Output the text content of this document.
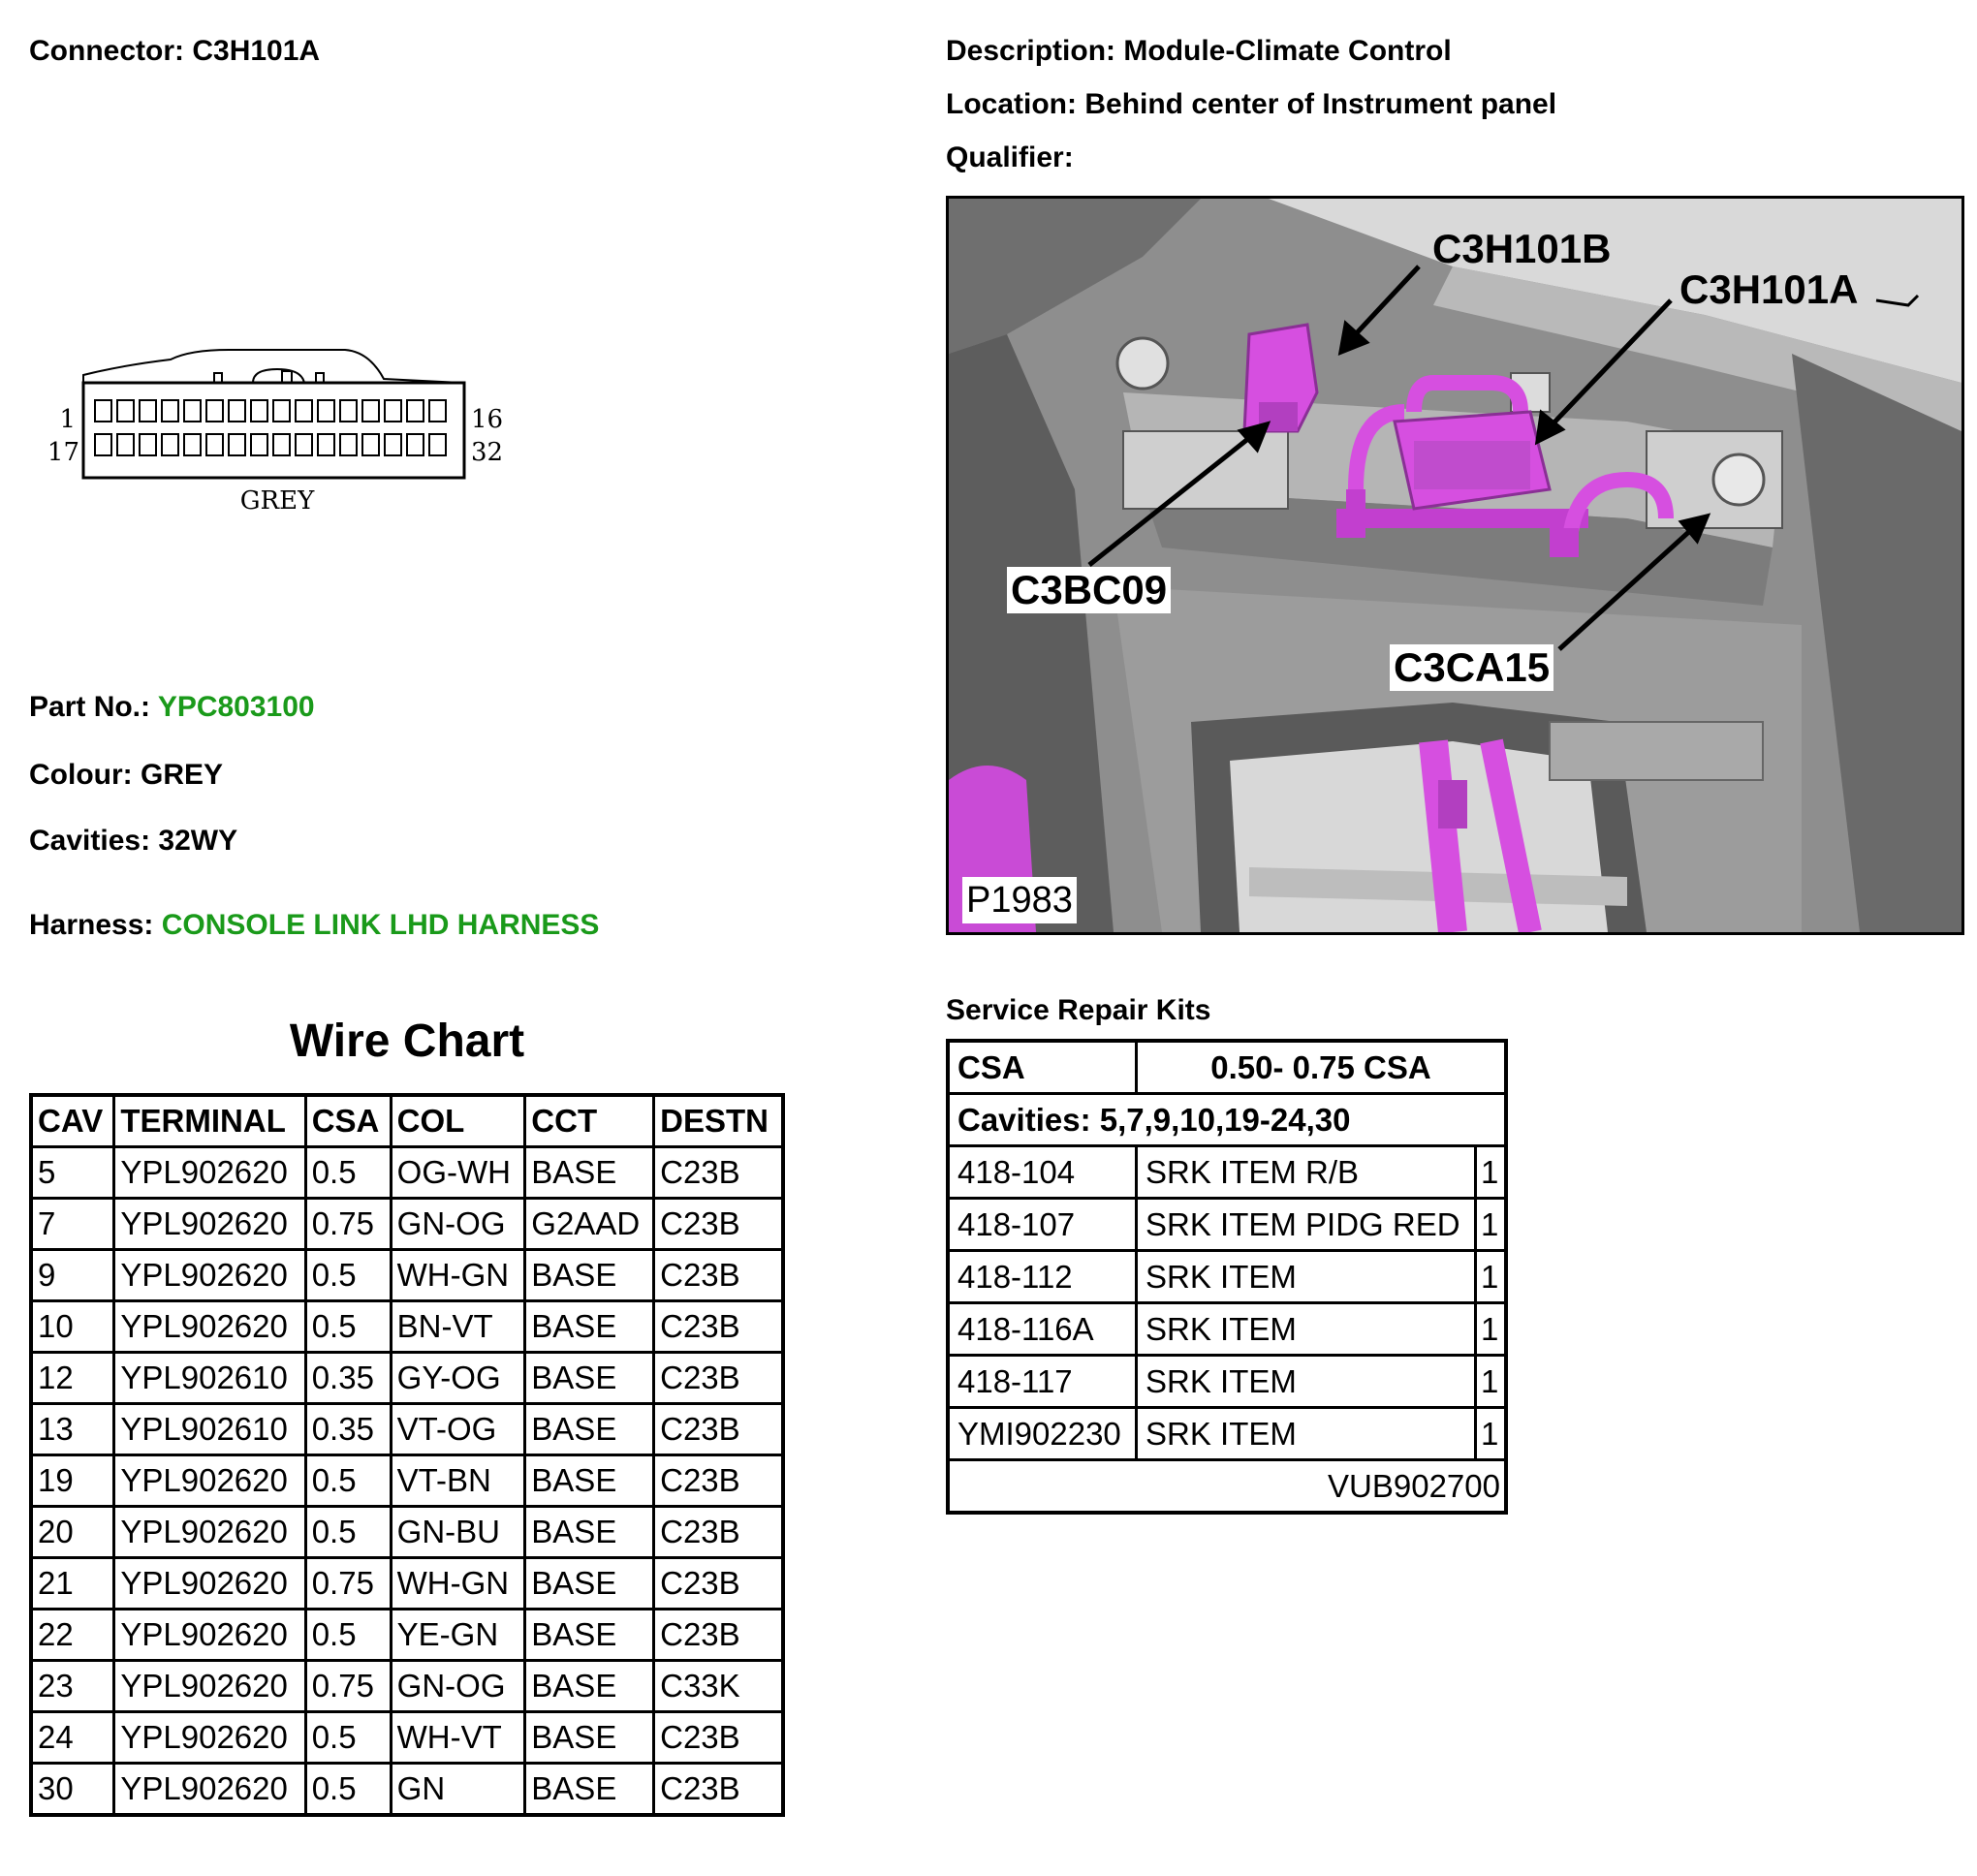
Connector: C3H101A	Description: Module-Climate Control
Location: Behind center of Instrument panel
Qualifier:
1	16
17	32
GREY
Part No.: YPC803100
Colour: GREY
Cavities: 32WY
Harness: CONSOLE LINK LHD HARNESS
Wire Chart
CAV	TERMINAL	CSA	COL	CCT	DESTN
5	YPL902620	0.5	OG-WH	BASE	C23B
7	YPL902620	0.75	GN-OG	G2AAD	C23B
9	YPL902620	0.5	WH-GN	BASE	C23B
10	YPL902620	0.5	BN-VT	BASE	C23B
12	YPL902610	0.35	GY-OG	BASE	C23B
13	YPL902610	0.35	VT-OG	BASE	C23B
19	YPL902620	0.5	VT-BN	BASE	C23B
20	YPL902620	0.5	GN-BU	BASE	C23B
21	YPL902620	0.75	WH-GN	BASE	C23B
22	YPL902620	0.5	YE-GN	BASE	C23B
23	YPL902620	0.75	GN-OG	BASE	C33K
24	YPL902620	0.5	WH-VT	BASE	C23B
30	YPL902620	0.5	GN	BASE	C23B
C3H101B
C3H101A
C3BC09
C3CA15
P1983
Service Repair Kits
CSA	0.50- 0.75 CSA	
Cavities: 5,7,9,10,19-24,30		
418-104	SRK ITEM R/B	1
418-107	SRK ITEM PIDG RED	1
418-112	SRK ITEM	1
418-116A	SRK ITEM	1
418-117	SRK ITEM	1
YMI902230	SRK ITEM	1
VUB902700		
